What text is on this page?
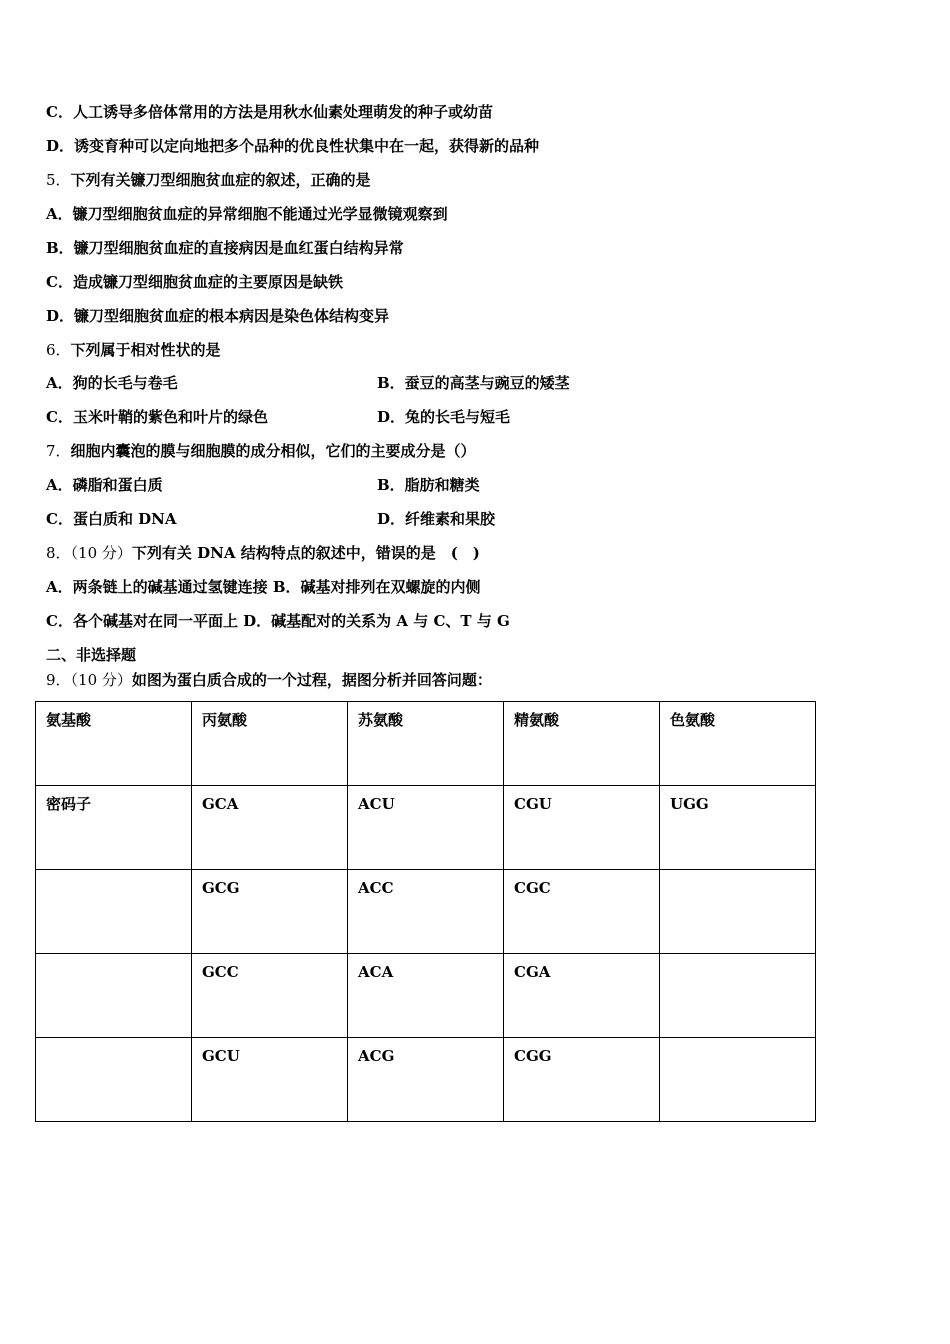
C．人工诱导多倍体常用的方法是用秋水仙素处理萌发的种子或幼苗
D．诱变育种可以定向地把多个品种的优良性状集中在一起，获得新的品种
5．下列有关镰刀型细胞贫血症的叙述，正确的是
A．镰刀型细胞贫血症的异常细胞不能通过光学显微镜观察到
B．镰刀型细胞贫血症的直接病因是血红蛋白结构异常
C．造成镰刀型细胞贫血症的主要原因是缺铁
D．镰刀型细胞贫血症的根本病因是染色体结构变异
6．下列属于相对性状的是
A．狗的长毛与卷毛	B．蚕豆的高茎与豌豆的矮茎
C．玉米叶鞘的紫色和叶片的绿色	D．兔的长毛与短毛
7．细胞内囊泡的膜与细胞膜的成分相似，它们的主要成分是（）
A．磷脂和蛋白质	B．脂肪和糖类
C．蛋白质和 DNA	D．纤维素和果胶
8．（10 分）下列有关 DNA 结构特点的叙述中，错误的是　(　)
A．两条链上的碱基通过氢键连接 B．碱基对排列在双螺旋的内侧
C．各个碱基对在同一平面上 D．碱基配对的关系为 A 与 C、T 与 G
二、非选择题
9．（10 分）如图为蛋白质合成的一个过程，据图分析并回答问题：
氨基酸	丙氨酸	苏氨酸	精氨酸	色氨酸
密码子	GCA	ACU	CGU	UGG
	GCG	ACC	CGC	
	GCC	ACA	CGA	
	GCU	ACG	CGG	
